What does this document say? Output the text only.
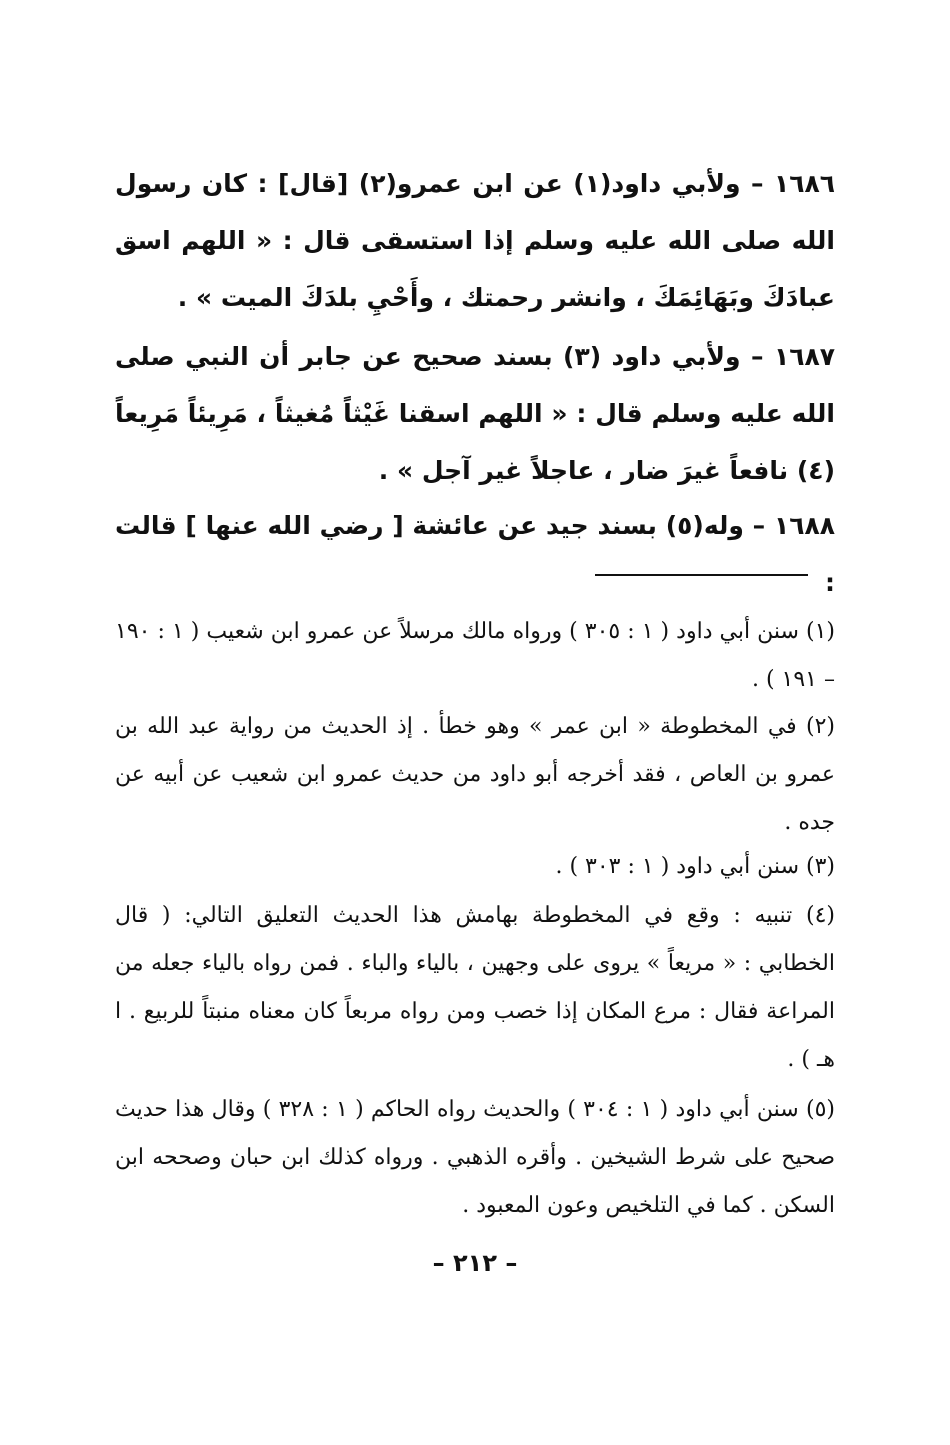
١٦٨٦ – ولأبي داود(١) عن ابن عمرو(٢) [قال] : كان رسول الله صلى الله عليه وسلم إذا استسقى قال : « اللهم اسق عبادَكَ وبَهَائِمَكَ ، وانشر رحمتك ، وأَحْيِ بلدَكَ الميت » .

١٦٨٧ – ولأبي داود (٣) بسند صحيح عن جابر أن النبي صلى الله عليه وسلم قال : « اللهم اسقنا غَيْثاً مُغيثاً ، مَرِيئاً مَرِيعاً (٤) نافعاً غيرَ ضار ، عاجلاً غير آجل » .

١٦٨٨ – وله(٥) بسند جيد عن عائشة [ رضي الله عنها ] قالت :

(١) سنن أبي داود ( ١ : ٣٠٥ ) ورواه مالك مرسلاً عن عمرو ابن شعيب ( ١ : ١٩٠ – ١٩١ ) .

(٢) في المخطوطة « ابن عمر » وهو خطأ . إذ الحديث من رواية عبد الله بن عمرو بن العاص ، فقد أخرجه أبو داود من حديث عمرو ابن شعيب عن أبيه عن جده .

(٣) سنن أبي داود ( ١ : ٣٠٣ ) .

(٤) تنبيه : وقع في المخطوطة بهامش هذا الحديث التعليق التالي: ( قال الخطابي : « مريعاً » يروى على وجهين ، بالياء والباء . فمن رواه بالياء جعله من المراعة فقال : مرع المكان إذا خصب ومن رواه مربعاً كان معناه منبتاً للربيع . ا هـ ) .

(٥) سنن أبي داود ( ١ : ٣٠٤ ) والحديث رواه الحاكم ( ١ : ٣٢٨ ) وقال هذا حديث صحيح على شرط الشيخين . وأقره الذهبي . ورواه كذلك ابن حبان وصححه ابن السكن . كما في التلخيص وعون المعبود .

– ٢١٢ –
